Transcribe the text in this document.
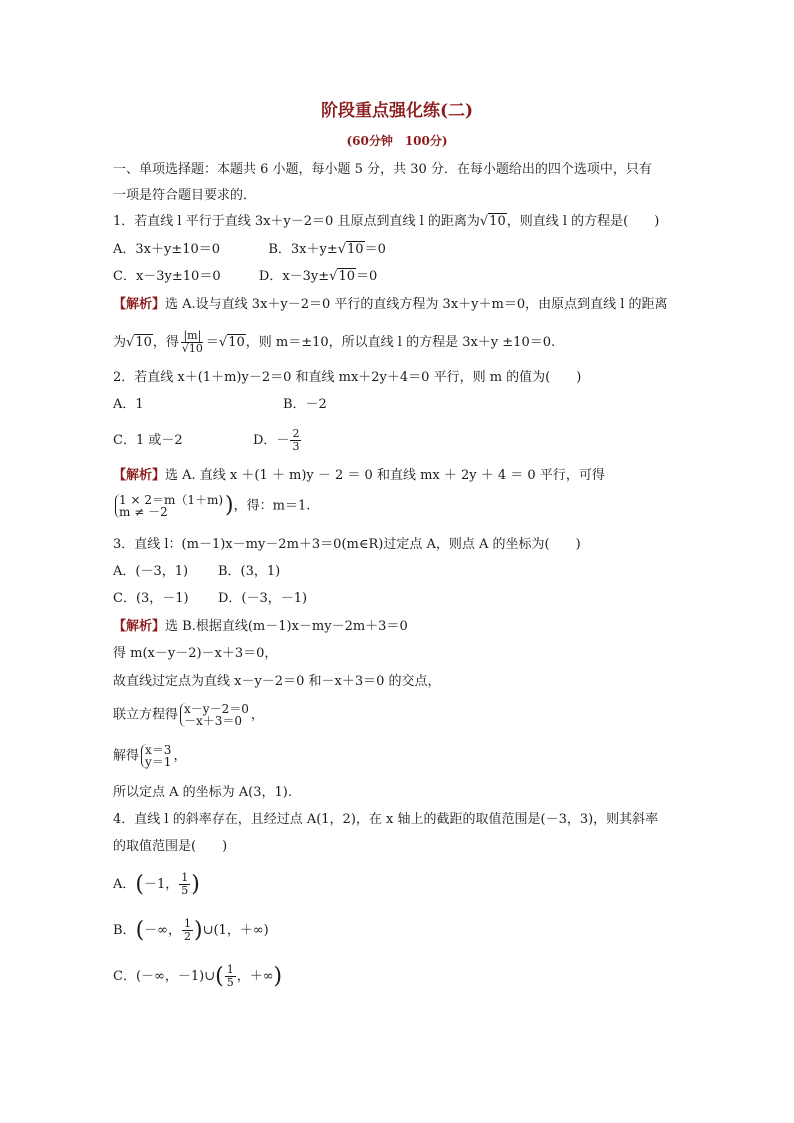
阶段重点强化练(二)
(60分钟　100分)
一、单项选择题：本题共 6 小题，每小题 5 分，共 30 分．在每小题给出的四个选项中，只有
一项是符合题目要求的．
1．若直线 l 平行于直线 3x＋y－2＝0 且原点到直线 l 的距离为√10，则直线 l 的方程是(　　)
A．3x＋y±10＝0	B．3x＋y±√10＝0
C．x－3y±10＝0	D．x－3y±√10＝0
【解析】选 A.设与直线 3x＋y－2＝0 平行的直线方程为 3x＋y＋m＝0，由原点到直线 l 的距离
为√10，得 $\frac{|m|}{√10} =√10$，则 m＝±10，所以直线 l 的方程是 3x＋y ±10＝0.
2．若直线 x＋(1＋m)y－2＝0 和直线 mx＋2y＋4＝0 平行，则 m 的值为(　　)
A．1	B．－2
C．1 或－2	D．－ $\frac{2}{3}$
【解析】选 A. 直线 x ＋(1 ＋ m)y － 2 ＝ 0 和直线 mx ＋ 2y ＋ 4 ＝ 0 平行，可得
1 × 2＝m（1＋m)
m ≠ －2	)，得：m＝1.
3．直线 l：(m－1)x－my－2m＋3＝0(m∈R)过定点 A，则点 A 的坐标为(　　)
A．(－3，1) B．(3，1)
C．(3，－1) D．(－3，－1)
【解析】选 B.根据直线(m－1)x－my－2m＋3＝0
得 m(x－y－2)－x＋3＝0，
故直线过定点为直线 x－y－2＝0 和－x＋3＝0 的交点，
联立方程得 x－y－2＝0
－x＋3＝0 ，
解得 x＝3
y＝1 ，
所以定点 A 的坐标为 A(3，1).
4．直线 l 的斜率存在，且经过点 A(1，2)，在 x 轴上的截距的取值范围是(－3，3)，则其斜率
的取值范围是(　　)
A．(－1， $\frac{1}{5}$ )
B．(－∞， $\frac{1}{2}$ )∪(1，＋∞)
C．(－∞，－1)∪( $\frac{1}{5}$ ，＋∞)
